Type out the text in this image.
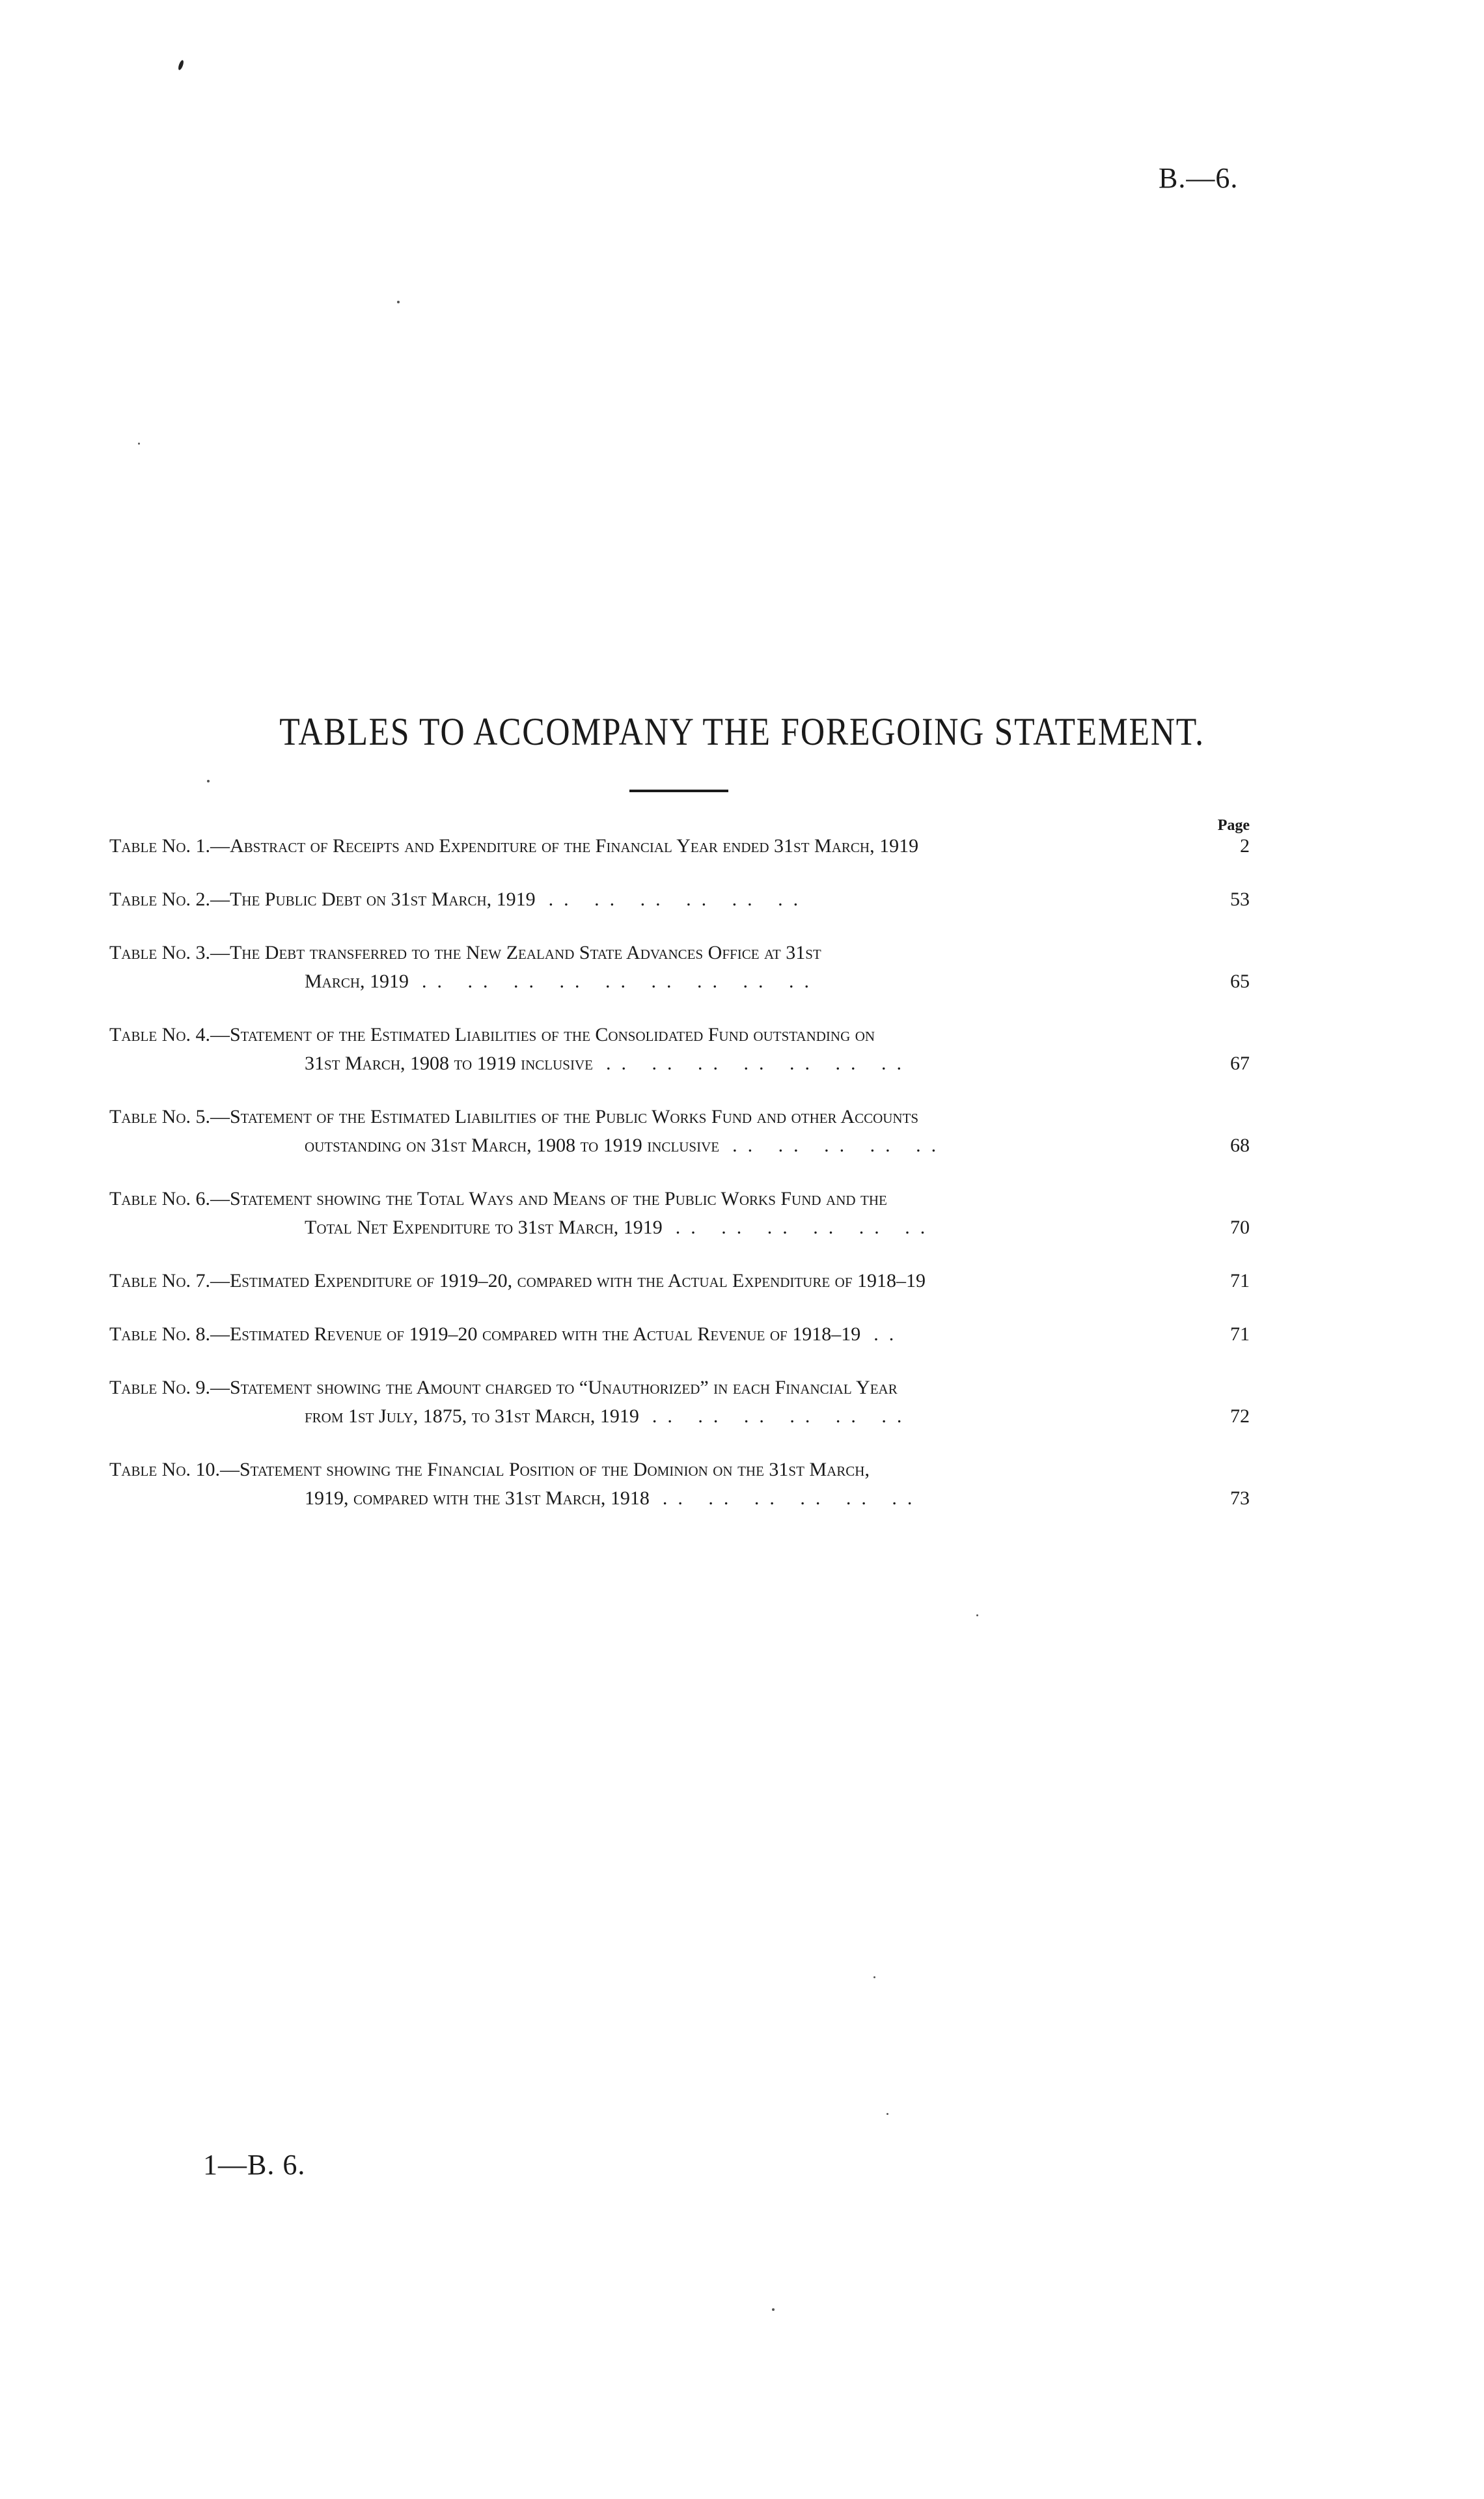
B.—6.
TABLES TO ACCOMPANY THE FOREGOING STATEMENT.
Page
Table No. 1.—Abstract of Receipts and Expenditure of the Financial Year ended 31st March, 1919	2
Table No. 2.—The Public Debt on 31st March, 1919 .. .. .. .. .. ..	53
Table No. 3.—The Debt transferred to the New Zealand State Advances Office at 31st
March, 1919 .. .. .. .. .. .. .. .. ..	65
Table No. 4.—Statement of the Estimated Liabilities of the Consolidated Fund outstanding on
31st March, 1908 to 1919 inclusive .. .. .. .. .. .. ..	67
Table No. 5.—Statement of the Estimated Liabilities of the Public Works Fund and other Accounts
outstanding on 31st March, 1908 to 1919 inclusive .. .. .. .. ..	68
Table No. 6.—Statement showing the Total Ways and Means of the Public Works Fund and the
Total Net Expenditure to 31st March, 1919 .. .. .. .. .. ..	70
Table No. 7.—Estimated Expenditure of 1919–20, compared with the Actual Expenditure of 1918–19	71
Table No. 8.—Estimated Revenue of 1919–20 compared with the Actual Revenue of 1918–19 ..	71
Table No. 9.—Statement showing the Amount charged to “Unauthorized” in each Financial Year
from 1st July, 1875, to 31st March, 1919 .. .. .. .. .. ..	72
Table No. 10.—Statement showing the Financial Position of the Dominion on the 31st March,
1919, compared with the 31st March, 1918 .. .. .. .. .. ..	73
1—B. 6.
